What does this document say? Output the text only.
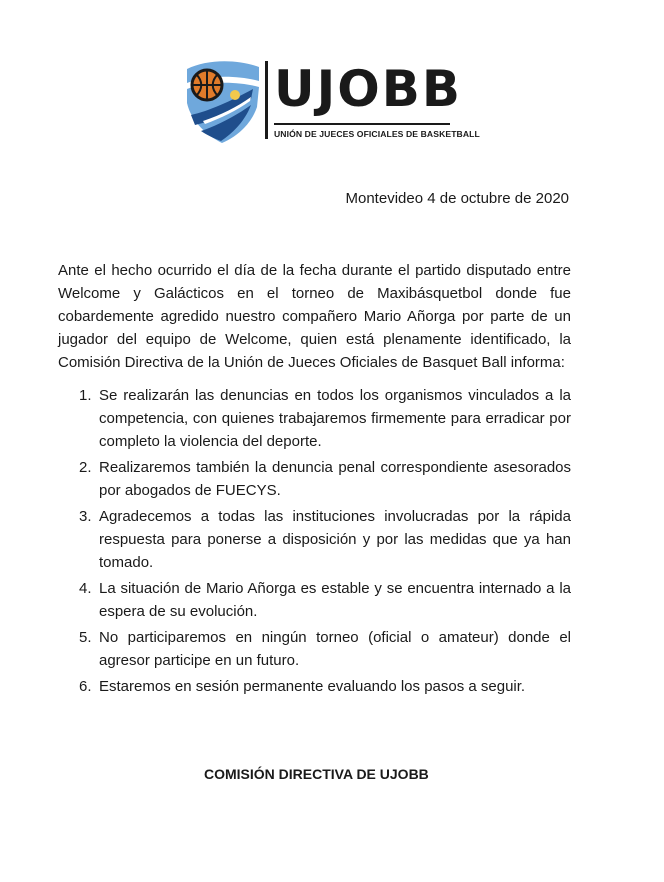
UJOBB
UNIÓN DE JUECES OFICIALES DE BASKETBALL
Montevideo 4 de octubre de 2020

Ante el hecho ocurrido el día de la fecha durante el partido disputado entre Welcome y Galácticos en el torneo de Maxibásquetbol donde fue cobardemente agredido nuestro compañero Mario Añorga por parte de un jugador del equipo de Welcome, quien está plenamente identificado, la Comisión Directiva de la Unión de Jueces Oficiales de Basquet Ball informa:

1. Se realizarán las denuncias en todos los organismos vinculados a la competencia, con quienes trabajaremos firmemente para erradicar por completo la violencia del deporte.
2. Realizaremos también la denuncia penal correspondiente asesorados por abogados de FUECYS.
3. Agradecemos a todas las instituciones involucradas por la rápida respuesta para ponerse a disposición y por las medidas que ya han tomado.
4. La situación de Mario Añorga es estable y se encuentra internado a la espera de su evolución.
5. No participaremos en ningún torneo (oficial o amateur) donde el agresor participe en un futuro.
6. Estaremos en sesión permanente evaluando los pasos a seguir.
COMISIÓN DIRECTIVA DE UJOBB
